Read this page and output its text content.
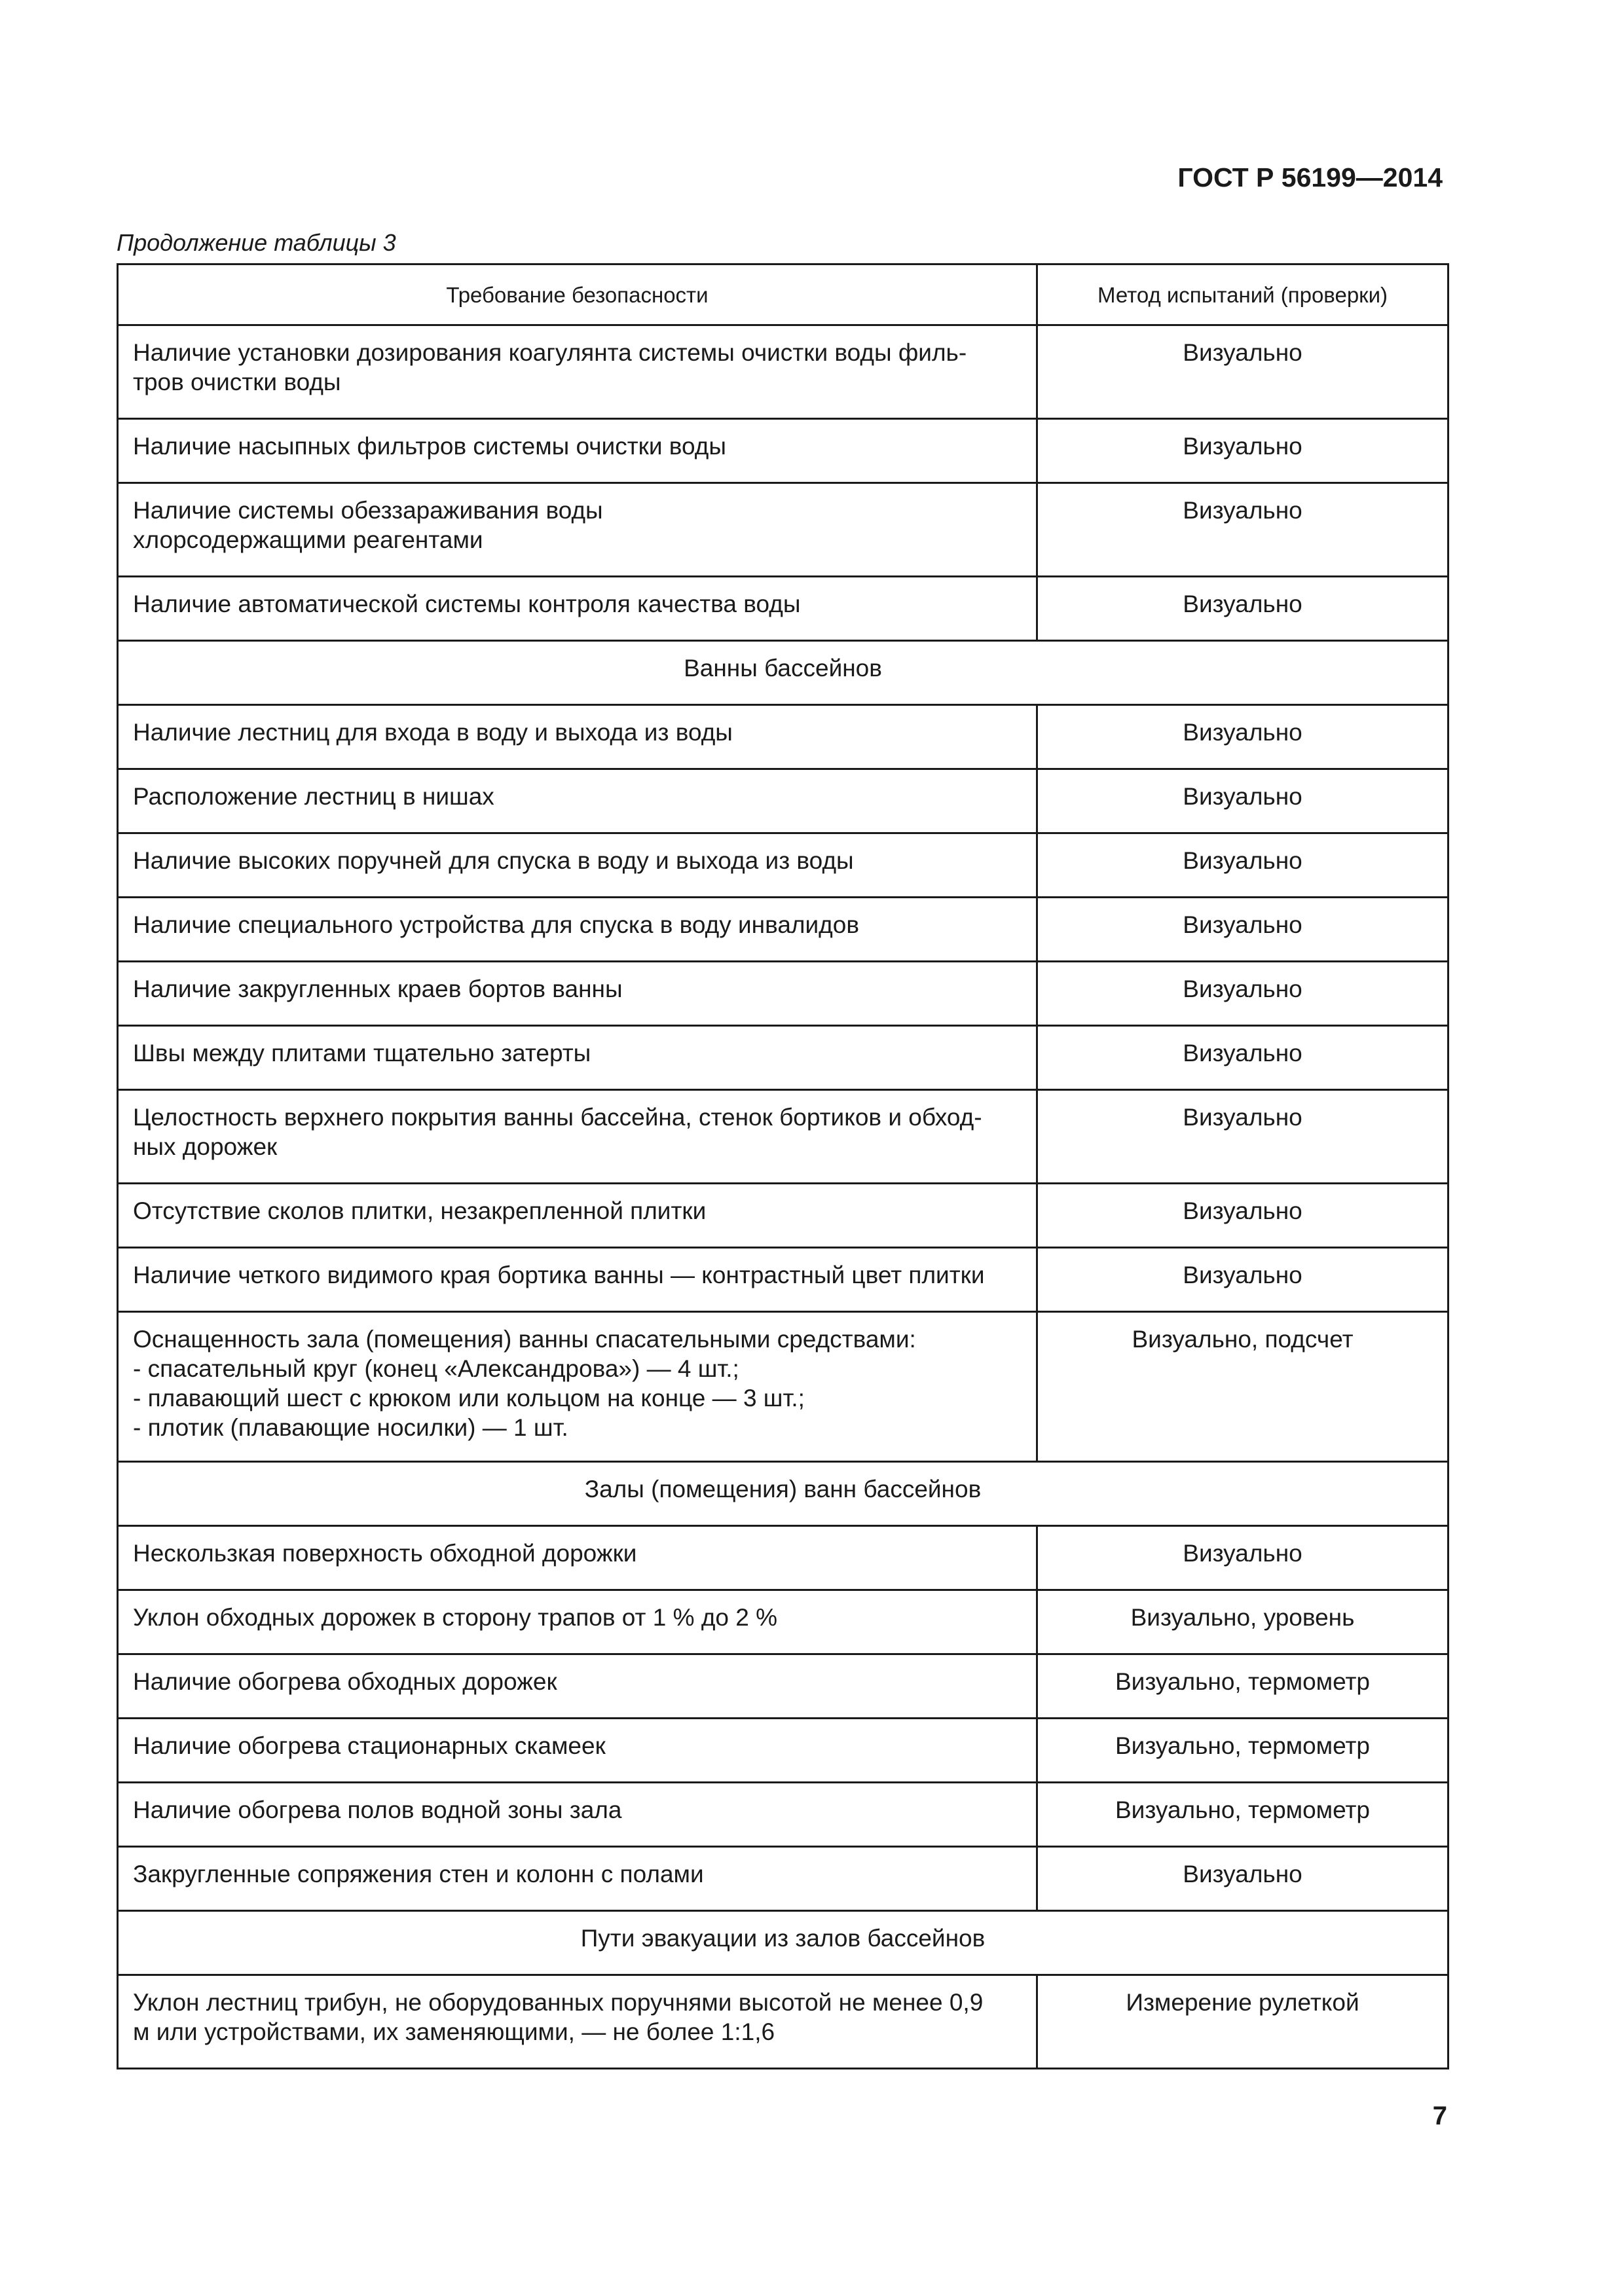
ГОСТ Р 56199—2014
Продолжение таблицы 3
Требование безопасности	Метод испытаний (проверки)
Наличие установки дозирования коагулянта системы очистки воды филь-
тров очистки воды	Визуально
Наличие насыпных фильтров системы очистки воды	Визуально
Наличие системы обеззараживания воды
хлорсодержащими реагентами	Визуально
Наличие автоматической системы контроля качества воды	Визуально
Ванны бассейнов	
Наличие лестниц для входа в воду и выхода из воды	Визуально
Расположение лестниц в нишах	Визуально
Наличие высоких поручней для спуска в воду и выхода из воды	Визуально
Наличие специального устройства для спуска в воду инвалидов	Визуально
Наличие закругленных краев бортов ванны	Визуально
Швы между плитами тщательно затерты	Визуально
Целостность верхнего покрытия ванны бассейна, стенок бортиков и обход-
ных дорожек	Визуально
Отсутствие сколов плитки, незакрепленной плитки	Визуально
Наличие четкого видимого края бортика ванны — контрастный цвет плитки	Визуально
Оснащенность зала (помещения) ванны спасательными средствами:
- спасательный круг (конец «Александрова») — 4 шт.;
- плавающий шест с крюком или кольцом на конце — 3 шт.;
- плотик (плавающие носилки) — 1 шт.	Визуально, подсчет
Залы (помещения) ванн бассейнов	
Нескользкая поверхность обходной дорожки	Визуально
Уклон обходных дорожек в сторону трапов от 1 % до 2 %	Визуально, уровень
Наличие обогрева обходных дорожек	Визуально, термометр
Наличие обогрева стационарных скамеек	Визуально, термометр
Наличие обогрева полов водной зоны зала	Визуально, термометр
Закругленные сопряжения стен и колонн с полами	Визуально
Пути эвакуации из залов бассейнов	
Уклон лестниц трибун, не оборудованных поручнями высотой не менее 0,9
м или устройствами, их заменяющими, — не более 1:1,6	Измерение рулеткой
7
